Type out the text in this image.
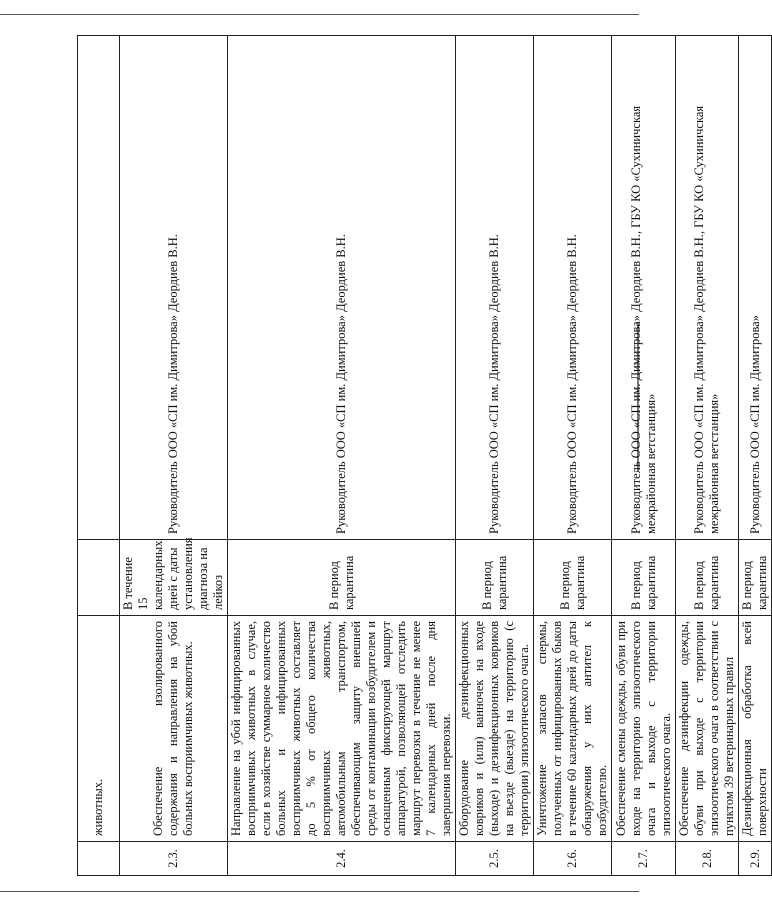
	животных.		
2.3.	Обеспечение изолированного содержания и направления на убой больных восприимчивых животных.	В течение 15 календарных дней с даты установления диагноза на лейкоз	Руководитель ООО «СП им. Димитрова» Деордиев В.Н.
2.4.	Направление на убой инфицированных восприимчивых животных в случае, если в хозяйстве суммарное количество больных и инфицированных восприимчивых животных составляет до 5 % от общего количества восприимчивых животных, автомобильным транспортом, обеспечивающим защиту внешней среды от контаминации возбудителем и оснащенным фиксирующей маршрут аппаратурой, позволяющей отследить маршрут перевозки в течение не менее 7 календарных дней после дня завершения перевозки.	В период карантина	Руководитель ООО «СП им. Димитрова» Деордиев В.Н.
2.5.	Оборудование дезинфекционных ковриков и (или) ванночек на входе (выходе) и дезинфекционных ковриков на въезде (выезде) на территорию (с территории) эпизоотического очага.	В период карантина	Руководитель ООО «СП им. Димитрова» Деордиев В.Н.
2.6.	Уничтожение запасов спермы, полученных от инфицированных быков в течение 60 календарных дней до даты обнаружения у них антител к возбудителю.	В период карантина	Руководитель ООО «СП им. Димитрова» Деордиев В.Н.
2.7.	Обеспечение смены одежды, обуви при входе на территорию эпизоотического очага и выходе с территории эпизоотического очага.	В период карантина	Руководитель ООО «СП им. Димитрова» Деордиев В.Н., ГБУ КО «Сухиничская межрайонная ветстанция»
2.8.	Обеспечение дезинфекции одежды, обуви при выходе с территории эпизоотического очага в соответствии с пунктом 39 ветеринарных правил	В период карантина	Руководитель ООО «СП им. Димитрова» Деордиев В.Н., ГБУ КО «Сухиничская межрайонная ветстанция»
2.9.	Дезинфекционная обработка всей поверхности	В период карантина	Руководитель ООО «СП им. Димитрова»
